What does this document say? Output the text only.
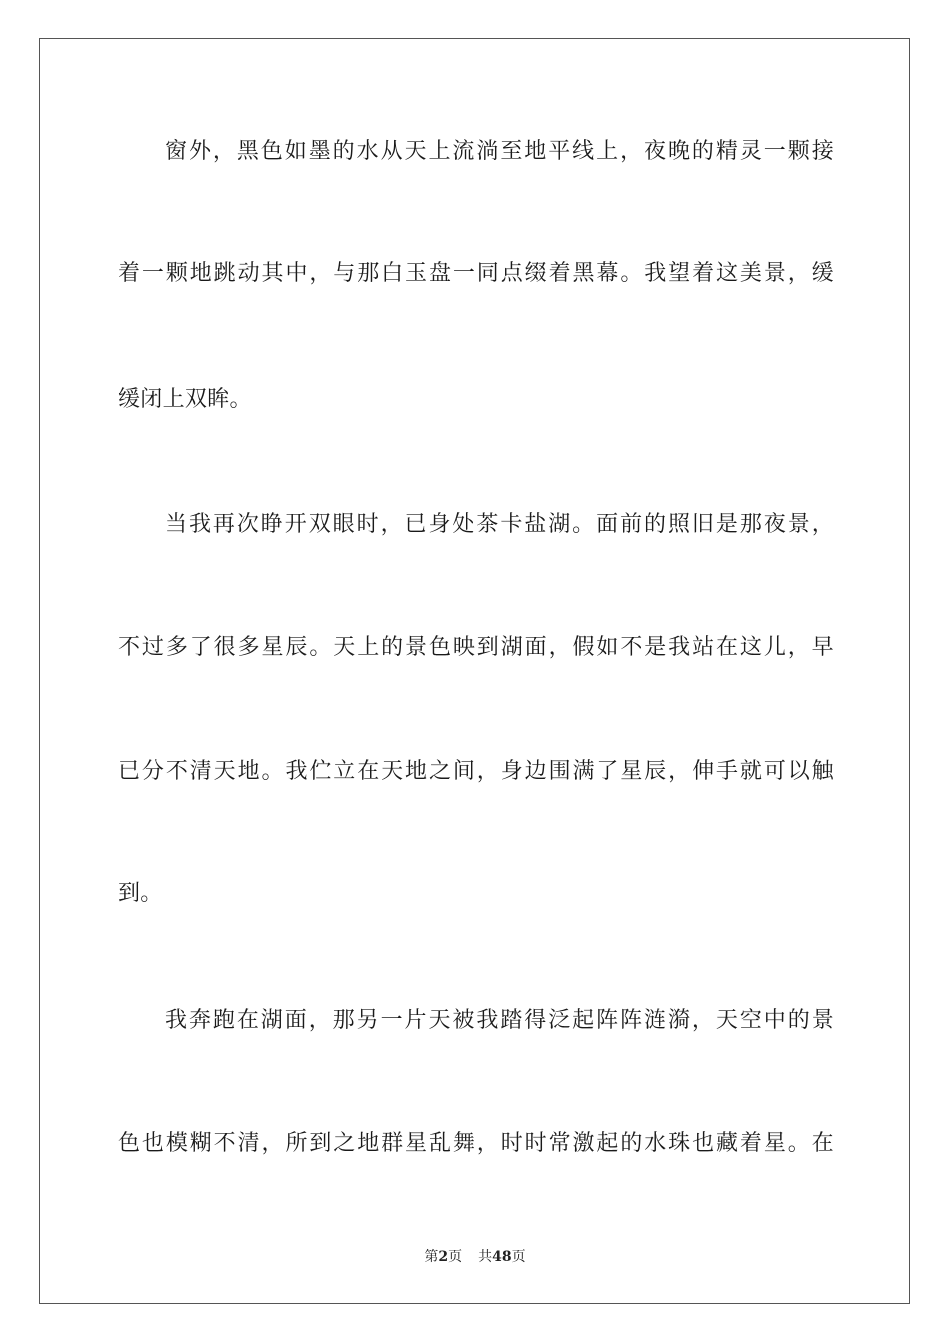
窗外，黑色如墨的水从天上流淌至地平线上，夜晚的精灵一颗接
着一颗地跳动其中，与那白玉盘一同点缀着黑幕。我望着这美景，缓
缓闭上双眸。
当我再次睁开双眼时，已身处茶卡盐湖。面前的照旧是那夜景，
不过多了很多星辰。天上的景色映到湖面，假如不是我站在这儿，早
已分不清天地。我伫立在天地之间，身边围满了星辰，伸手就可以触
到。
我奔跑在湖面，那另一片天被我踏得泛起阵阵涟漪，天空中的景
色也模糊不清，所到之地群星乱舞，时时常激起的水珠也藏着星。在
第2页 共48页
